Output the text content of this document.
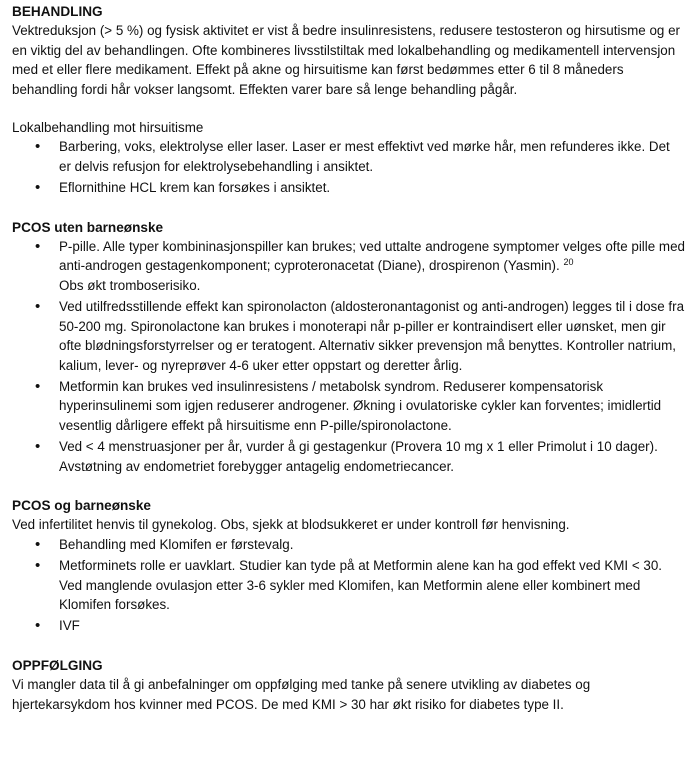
BEHANDLING

Vektreduksjon (> 5 %) og fysisk aktivitet er vist å bedre insulinresistens, redusere testosteron og hirsutisme og er en viktig del av behandlingen. Ofte kombineres livsstilstiltak med lokalbehandling og medikamentell intervensjon med et eller flere medikament. Effekt på akne og hirsuitisme kan først bedømmes etter 6 til 8 måneders behandling fordi hår vokser langsomt. Effekten varer bare så lenge behandling pågår.

Lokalbehandling mot hirsuitisme

• Barbering, voks, elektrolyse eller laser. Laser er mest effektivt ved mørke hår, men refunderes ikke. Det er delvis refusjon for elektrolysebehandling i ansiktet.
• Eflornithine HCL krem kan forsøkes i ansiktet.
PCOS uten barneønske
• P-pille. Alle typer kombininasjonspiller kan brukes; ved uttalte androgene symptomer velges ofte pille med anti-androgen gestagenkomponent; cyproteronacetat (Diane), drospirenon (Yasmin). $^{20}$
Obs økt tromboserisiko.
• Ved utilfredsstillende effekt kan spironolacton (aldosteronantagonist og anti-androgen) legges til i dose fra 50-200 mg. Spironolactone kan brukes i monoterapi når p-piller er kontraindisert eller uønsket, men gir ofte blødningsforstyrrelser og er teratogent. Alternativ sikker prevensjon må benyttes. Kontroller natrium, kalium, lever- og nyreprøver 4-6 uker etter oppstart og deretter årlig.
• Metformin kan brukes ved insulinresistens / metabolsk syndrom. Reduserer kompensatorisk hyperinsulinemi som igjen reduserer androgener. Økning i ovulatoriske cykler kan forventes; imidlertid vesentlig dårligere effekt på hirsuitisme enn P-pille/spironolactone.
• Ved < 4 menstruasjoner per år, vurder å gi gestagenkur (Provera 10 mg x 1 eller Primolut i 10 dager). Avstøtning av endometriet forebygger antagelig endometriecancer.
PCOS og barneønske

Ved infertilitet henvis til gynekolog. Obs, sjekk at blodsukkeret er under kontroll før henvisning.

• Behandling med Klomifen er førstevalg.
• Metforminets rolle er uavklart. Studier kan tyde på at Metformin alene kan ha god effekt ved KMI < 30. Ved manglende ovulasjon etter 3-6 sykler med Klomifen, kan Metformin alene eller kombinert med Klomifen forsøkes.
• IVF
OPPFØLGING

Vi mangler data til å gi anbefalninger om oppfølging med tanke på senere utvikling av diabetes og hjertekarsykdom hos kvinner med PCOS. De med KMI > 30 har økt risiko for diabetes type II.
